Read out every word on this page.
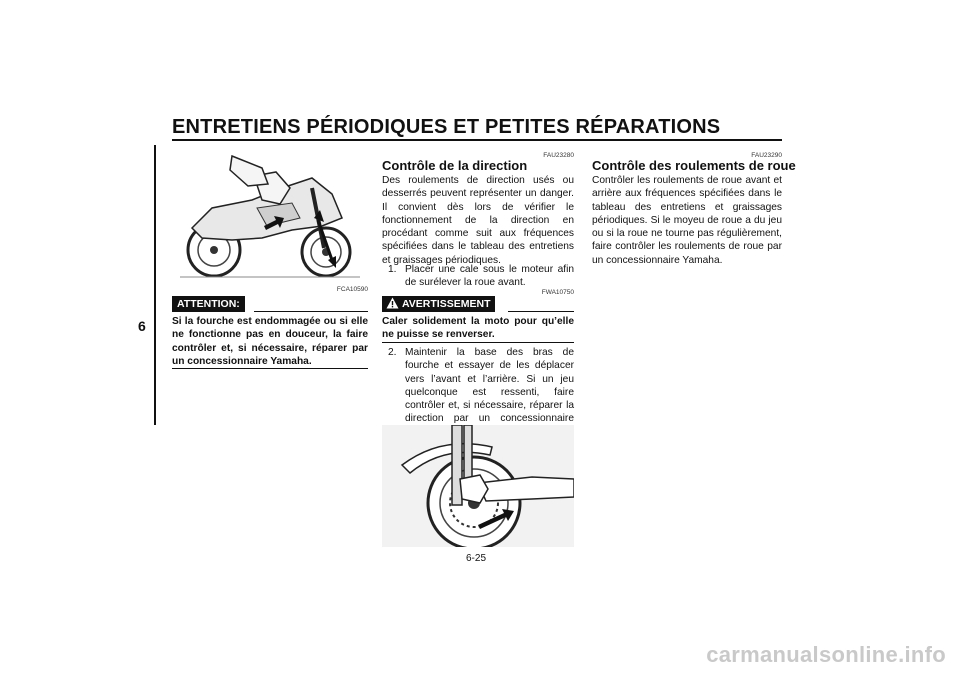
ENTRETIENS PÉRIODIQUES ET PETITES RÉPARATIONS
6
FCA10590
ATTENTION:
Si la fourche est endommagée ou si elle ne fonctionne pas en douceur, la faire contrôler et, si nécessaire, réparer par un concessionnaire Yamaha.
FAU23280
Contrôle de la direction
Des roulements de direction usés ou desserrés peuvent représenter un danger. Il convient dès lors de vérifier le fonctionnement de la direction en procédant comme suit aux fréquences spécifiées dans le tableau des entretiens et graissages périodiques.
1. Placer une cale sous le moteur afin de surélever la roue avant.
FWA10750
AVERTISSEMENT
Caler solidement la moto pour qu’elle ne puisse se renverser.
2. Maintenir la base des bras de fourche et essayer de les déplacer vers l’avant et l’arrière. Si un jeu quelconque est ressenti, faire contrôler et, si nécessaire, réparer la direction par un concessionnaire
FAU23290
Contrôle des roulements de roue
Contrôler les roulements de roue avant et arrière aux fréquences spécifiées dans le tableau des entretiens et graissages périodiques. Si le moyeu de roue a du jeu ou si la roue ne tourne pas régulièrement, faire contrôler les roulements de roue par un concessionnaire Yamaha.
6-25
carmanualsonline.info
